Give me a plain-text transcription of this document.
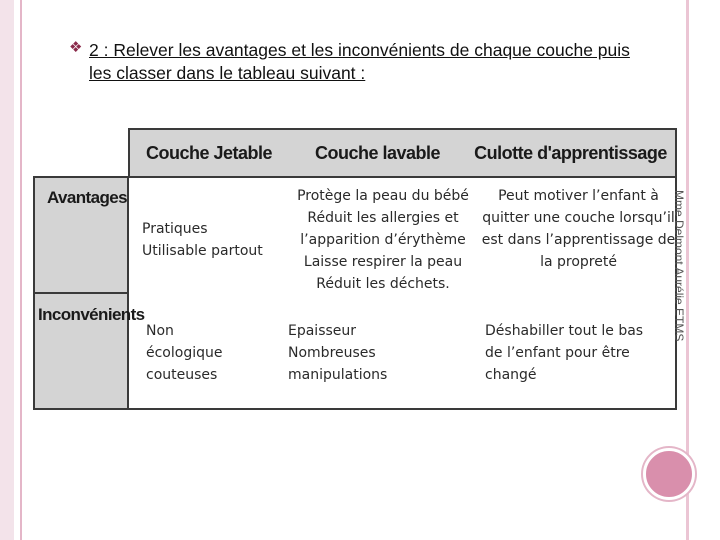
❖ 2 : Relever les avantages et les inconvénients de chaque couche puis les classer dans le tableau suivant :
Couche Jetable	Couche lavable	Culotte d'apprentissage
Avantages
Inconvénients
Pratiques
Utilisable partout
Protège la peau du bébé
Réduit les allergies et
l’apparition d’érythème
Laisse respirer la peau
Réduit les déchets.
Peut motiver l’enfant à
quitter une couche lorsqu’il
est dans l’apprentissage de
la propreté
Non
écologique
couteuses
Epaisseur
Nombreuses
manipulations
Déshabiller tout le bas
de l’enfant pour être
changé
Mme Delmont Aurélie ETMS
